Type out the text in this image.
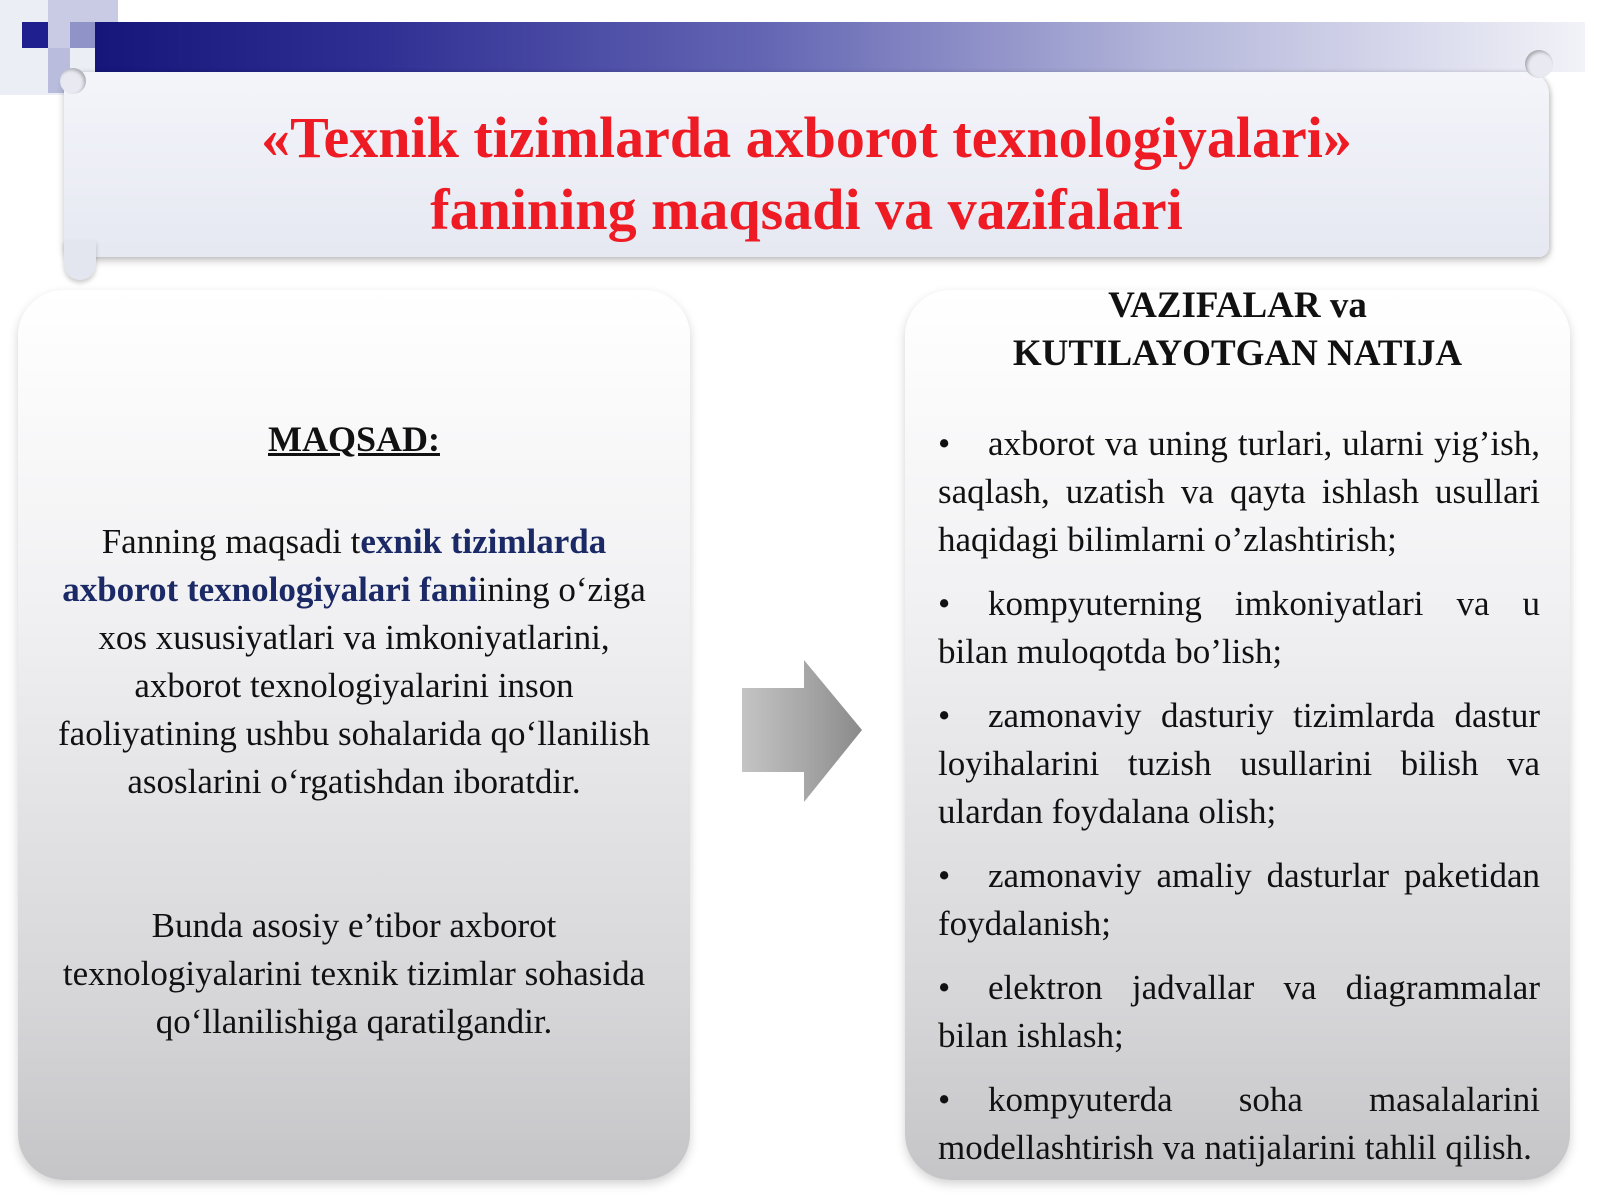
«Texnik tizimlarda axborot texnologiyalari»
fanining maqsadi va vazifalari
MAQSAD:
Fanning maqsadi texnik tizimlarda axborot texnologiyalari faniining o‘ziga xos xususiyatlari va imkoniyatlarini, axborot texnologiyalarini inson faoliyatining ushbu sohalarida qo‘llanilish asoslarini o‘rgatishdan iboratdir.
Bunda asosiy e’tibor axborot texnologiyalarini texnik tizimlar sohasida qo‘llanilishiga qaratilgandir.
VAZIFALAR va
KUTILAYOTGAN NATIJA
• axborot va uning turlari, ularni yig’ish, saqlash, uzatish va qayta ishlash usullari haqidagi bilimlarni o’zlashtirish;
• kompyuterning imkoniyatlari va u bilan muloqotda bo’lish;
• zamonaviy dasturiy tizimlarda dastur loyihalarini tuzish usullarini bilish va ulardan foydalana olish;
• zamonaviy amaliy dasturlar paketidan foydalanish;
• elektron jadvallar va diagrammalar bilan ishlash;
• kompyuterda soha masalalarini modellashtirish va natijalarini tahlil qilish.
